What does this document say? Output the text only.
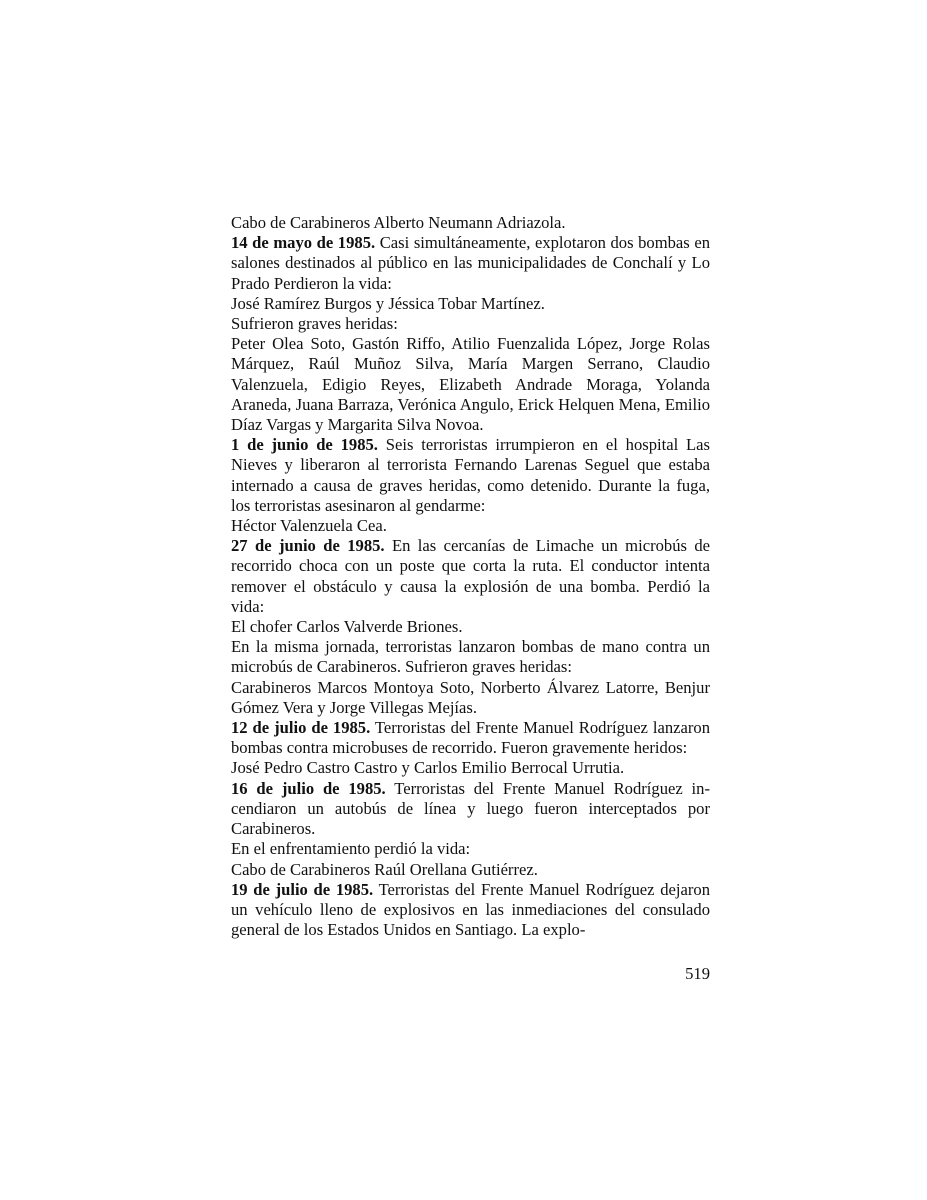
Cabo de Carabineros Alberto Neumann Adriazola.

14 de mayo de 1985. Casi simultáneamente, explotaron dos bombas en salones destinados al público en las municipalidades de Conchalí y Lo Prado Perdieron la vida:

José Ramírez Burgos y Jéssica Tobar Martínez.

Sufrieron graves heridas:

Peter Olea Soto, Gastón Riffo, Atilio Fuenzalida López, Jorge Rolas Márquez, Raúl Muñoz Silva, María Margen Serrano, Claudio Valenzuela, Edigio Reyes, Elizabeth Andrade Moraga, Yolanda Araneda, Juana Barraza, Verónica Angulo, Erick Helquen Mena, Emilio Díaz Vargas y Margarita Silva Novoa.

1 de junio de 1985. Seis terroristas irrumpieron en el hospital Las Nieves y liberaron al terrorista Fernando Larenas Seguel que estaba internado a causa de graves heridas, como detenido. Durante la fuga, los terroristas asesinaron al gendarme:

Héctor Valenzuela Cea.

27 de junio de 1985. En las cercanías de Limache un microbús de recorrido choca con un poste que corta la ruta. El conductor intenta remover el obstáculo y causa la explosión de una bomba. Perdió la vida:

El chofer Carlos Valverde Briones.

En la misma jornada, terroristas lanzaron bombas de mano contra un microbús de Carabineros. Sufrieron graves heridas:

Carabineros Marcos Montoya Soto, Norberto Álvarez Latorre, Benjur Gómez Vera y Jorge Villegas Mejías.

12 de julio de 1985. Terroristas del Frente Manuel Rodríguez lanzaron bombas contra microbuses de recorrido. Fueron gravemente heridos:

José Pedro Castro Castro y Carlos Emilio Berrocal Urrutia.

16 de julio de 1985. Terroristas del Frente Manuel Rodríguez incendiaron un autobús de línea y luego fueron interceptados por Carabineros.

En el enfrentamiento perdió la vida:

Cabo de Carabineros Raúl Orellana Gutiérrez.

19 de julio de 1985. Terroristas del Frente Manuel Rodríguez dejaron un vehículo lleno de explosivos en las inmediaciones del consulado general de los Estados Unidos en Santiago. La explo-

519
